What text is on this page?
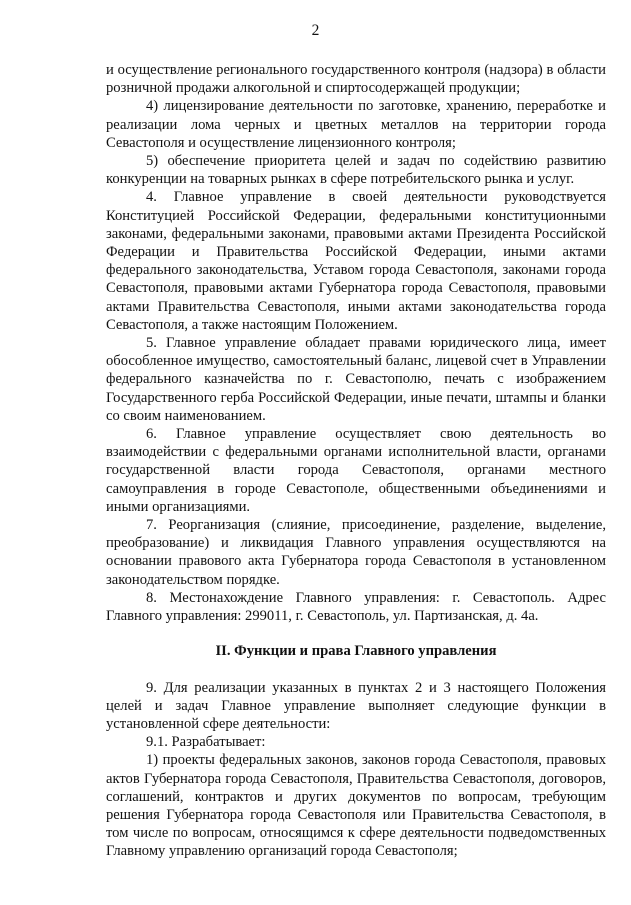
2

и осуществление регионального государственного контроля (надзора) в области розничной продажи алкогольной и спиртосодержащей продукции;

4) лицензирование деятельности по заготовке, хранению, переработке и реализации лома черных и цветных металлов на территории города Севастополя и осуществление лицензионного контроля;

5) обеспечение приоритета целей и задач по содействию развитию конкуренции на товарных рынках в сфере потребительского рынка и услуг.

4. Главное управление в своей деятельности руководствуется Конституцией Российской Федерации, федеральными конституционными законами, федеральными законами, правовыми актами Президента Российской Федерации и Правительства Российской Федерации, иными актами федерального законодательства, Уставом города Севастополя, законами города Севастополя, правовыми актами Губернатора города Севастополя, правовыми актами Правительства Севастополя, иными актами законодательства города Севастополя, а также настоящим Положением.

5. Главное управление обладает правами юридического лица, имеет обособленное имущество, самостоятельный баланс, лицевой счет в Управлении федерального казначейства по г. Севастополю, печать с изображением Государственного герба Российской Федерации, иные печати, штампы и бланки со своим наименованием.

6. Главное управление осуществляет свою деятельность во взаимодействии с федеральными органами исполнительной власти, органами государственной власти города Севастополя, органами местного самоуправления в городе Севастополе, общественными объединениями и иными организациями.

7. Реорганизация (слияние, присоединение, разделение, выделение, преобразование) и ликвидация Главного управления осуществляются на основании правового акта Губернатора города Севастополя в установленном законодательством порядке.

8. Местонахождение Главного управления: г. Севастополь. Адрес Главного управления: 299011, г. Севастополь, ул. Партизанская, д. 4а.

II. Функции и права Главного управления

9. Для реализации указанных в пунктах 2 и 3 настоящего Положения целей и задач Главное управление выполняет следующие функции в установленной сфере деятельности:

9.1. Разрабатывает:

1) проекты федеральных законов, законов города Севастополя, правовых актов Губернатора города Севастополя, Правительства Севастополя, договоров, соглашений, контрактов и других документов по вопросам, требующим решения Губернатора города Севастополя или Правительства Севастополя, в том числе по вопросам, относящимся к сфере деятельности подведомственных Главному управлению организаций города Севастополя;
